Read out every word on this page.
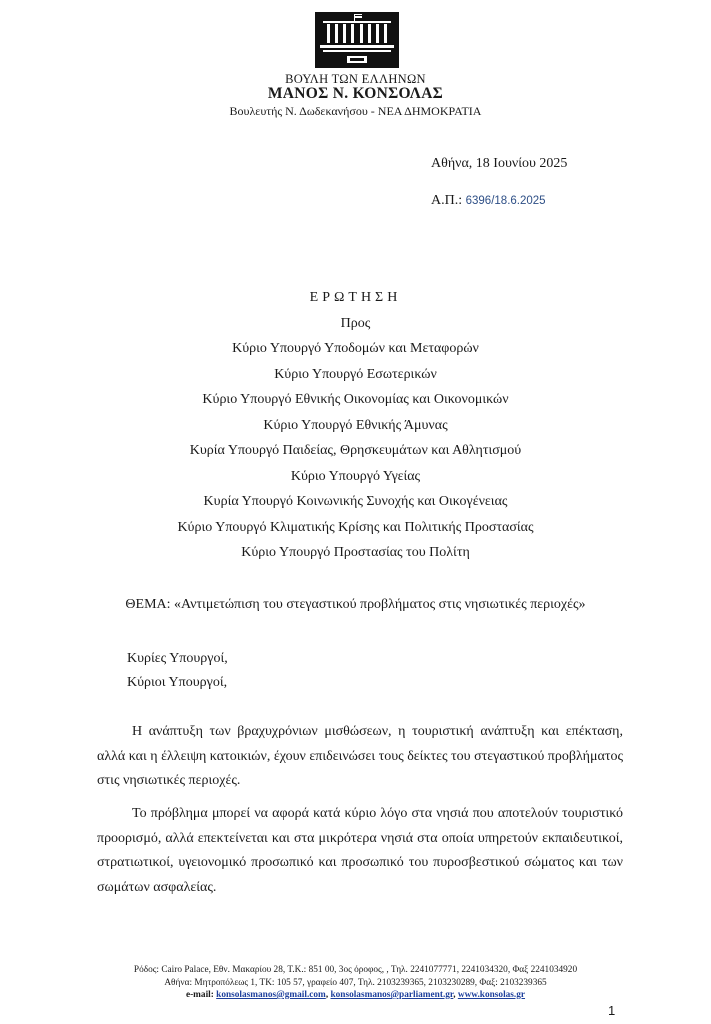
ΒΟΥΛΗ ΤΩΝ ΕΛΛΗΝΩΝ
ΜΑΝΟΣ Ν. ΚΟΝΣΟΛΑΣ
Βουλευτής Ν. Δωδεκανήσου - ΝΕΑ ΔΗΜΟΚΡΑΤΙΑ
Αθήνα, 18 Ιουνίου 2025
Α.Π.: 6396/18.6.2025
ΕΡΩΤΗΣΗ
Προς
Κύριο Υπουργό Υποδομών και Μεταφορών
Κύριο Υπουργό Εσωτερικών
Κύριο Υπουργό Εθνικής Οικονομίας και Οικονομικών
Κύριο Υπουργό Εθνικής Άμυνας
Κυρία Υπουργό Παιδείας, Θρησκευμάτων και Αθλητισμού
Κύριο Υπουργό Υγείας
Κυρία Υπουργό Κοινωνικής Συνοχής και Οικογένειας
Κύριο Υπουργό Κλιματικής Κρίσης και Πολιτικής Προστασίας
Κύριο Υπουργό Προστασίας του Πολίτη
ΘΕΜΑ: «Αντιμετώπιση του στεγαστικού προβλήματος στις νησιωτικές περιοχές»
Κυρίες Υπουργοί,
Κύριοι Υπουργοί,

Η ανάπτυξη των βραχυχρόνιων μισθώσεων, η τουριστική ανάπτυξη και επέκταση, αλλά και η έλλειψη κατοικιών, έχουν επιδεινώσει τους δείκτες του στεγαστικού προβλήματος στις νησιωτικές περιοχές.

Το πρόβλημα μπορεί να αφορά κατά κύριο λόγο στα νησιά που αποτελούν τουριστικό προορισμό, αλλά επεκτείνεται και στα μικρότερα νησιά στα οποία υπηρετούν εκπαιδευτικοί, στρατιωτικοί, υγειονομικό προσωπικό και προσωπικό του πυροσβεστικού σώματος και των σωμάτων ασφαλείας.

Ρόδος: Cairo Palace, Εθν. Μακαρίου 28, Τ.Κ.: 851 00, 3ος όροφος, , Τηλ. 2241077771, 2241034320, Φαξ 2241034920
Αθήνα: Μητροπόλεως 1, ΤΚ: 105 57, γραφείο 407, Τηλ. 2103239365, 2103230289, Φαξ: 2103239365
e-mail: konsolasmanos@gmail.com, konsolasmanos@parliament.gr, www.konsolas.gr
1
